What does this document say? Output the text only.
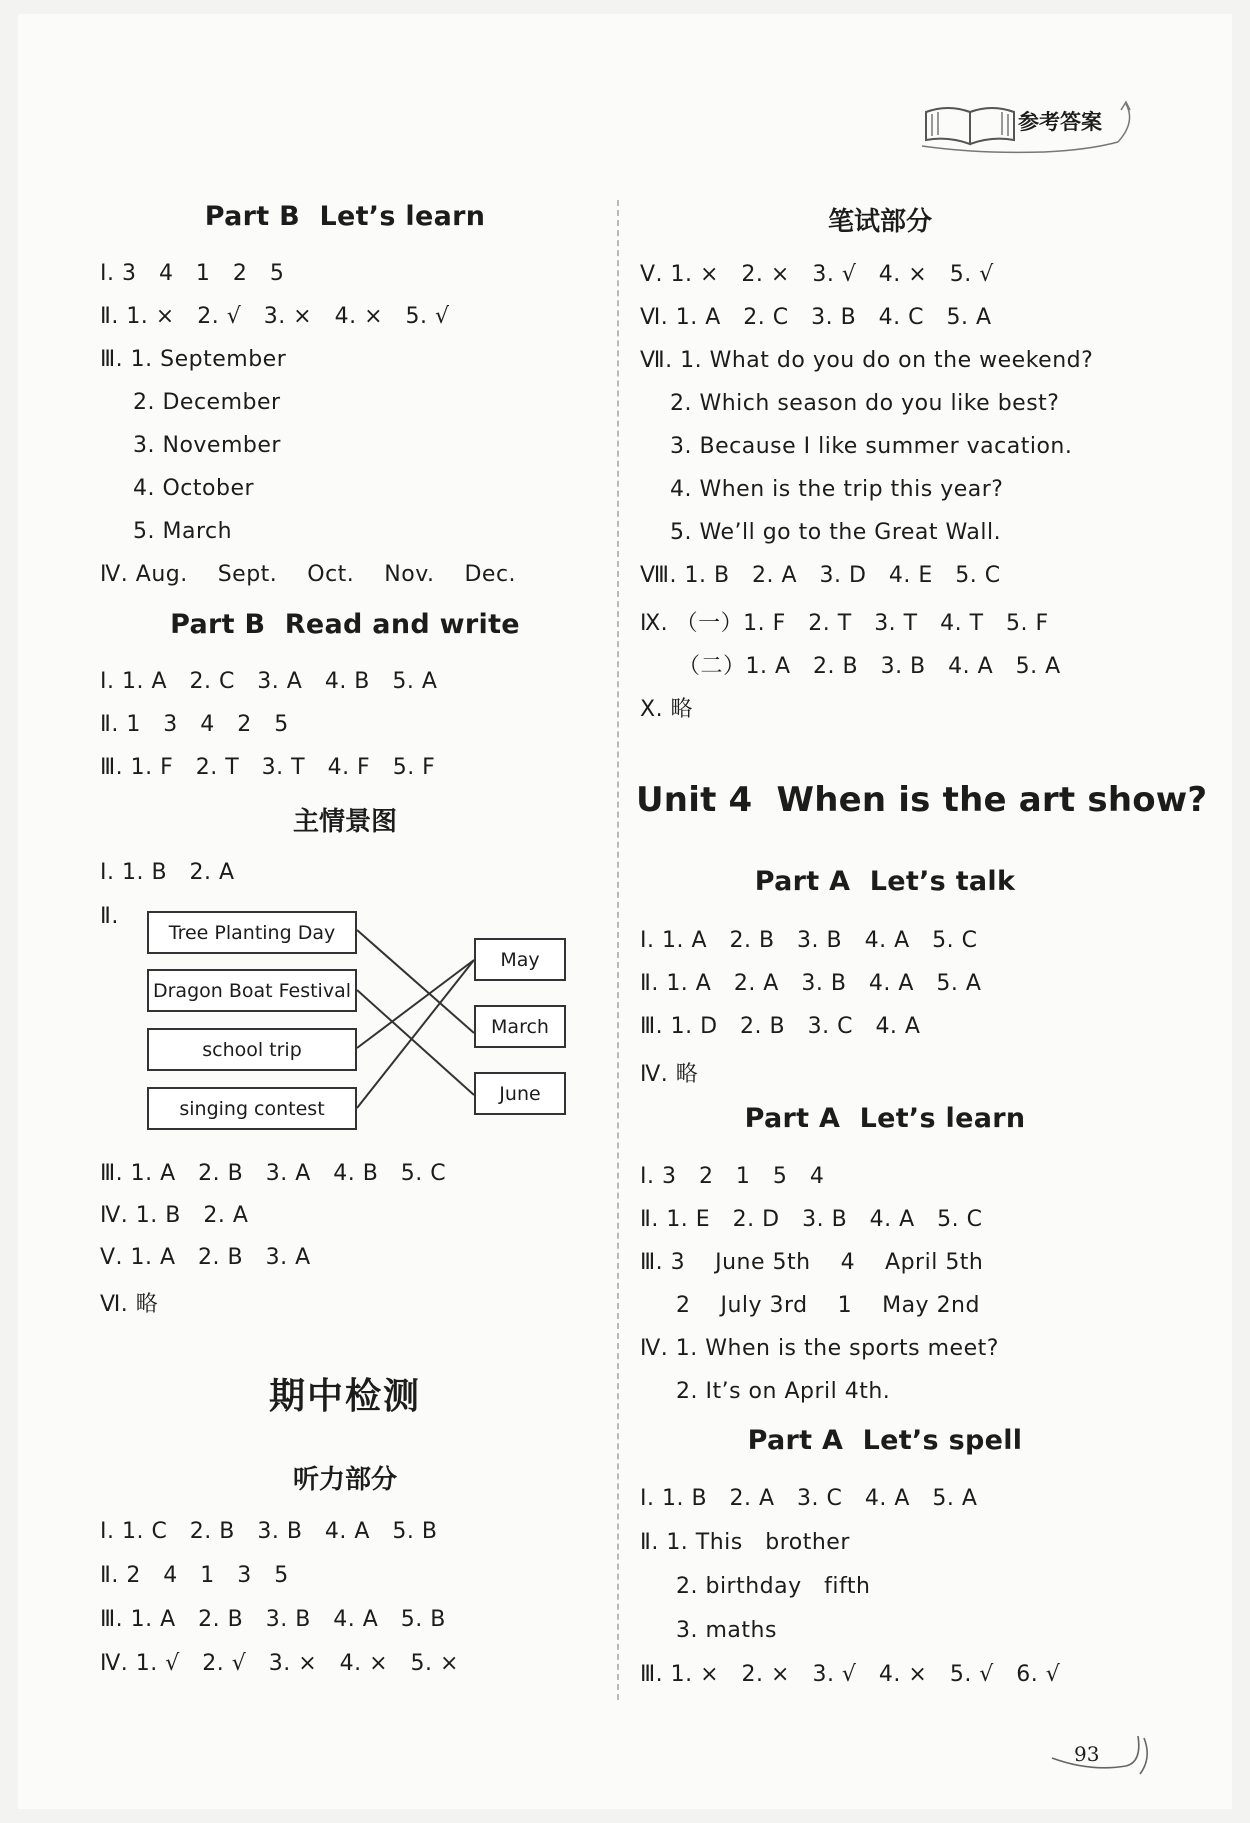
参考答案
Part B  Let’s learn
Ⅰ. 3   4   1   2   5
Ⅱ. 1. ×   2. √   3. ×   4. ×   5. √
Ⅲ. 1. September
2. December
3. November
4. October
5. March
Ⅳ. Aug.    Sept.    Oct.    Nov.    Dec.
Part B  Read and write
Ⅰ. 1. A   2. C   3. A   4. B   5. A
Ⅱ. 1   3   4   2   5
Ⅲ. 1. F   2. T   3. T   4. F   5. F
主情景图
Ⅰ. 1. B   2. A
Ⅱ.
Tree Planting Day
Dragon Boat Festival
school trip
singing contest
May
March
June
Ⅲ. 1. A   2. B   3. A   4. B   5. C
Ⅳ. 1. B   2. A
Ⅴ. 1. A   2. B   3. A
Ⅵ. 略
期中检测
听力部分
Ⅰ. 1. C   2. B   3. B   4. A   5. B
Ⅱ. 2   4   1   3   5
Ⅲ. 1. A   2. B   3. B   4. A   5. B
Ⅳ. 1. √   2. √   3. ×   4. ×   5. ×
笔试部分
Ⅴ. 1. ×   2. ×   3. √   4. ×   5. √
Ⅵ. 1. A   2. C   3. B   4. C   5. A
Ⅶ. 1. What do you do on the weekend?
2. Which season do you like best?
3. Because I like summer vacation.
4. When is the trip this year?
5. We’ll go to the Great Wall.
Ⅷ. 1. B   2. A   3. D   4. E   5. C
Ⅸ. （一）1. F   2. T   3. T   4. T   5. F
（二）1. A   2. B   3. B   4. A   5. A
Ⅹ. 略
Unit 4  When is the art show?
Part A  Let’s talk
Ⅰ. 1. A   2. B   3. B   4. A   5. C
Ⅱ. 1. A   2. A   3. B   4. A   5. A
Ⅲ. 1. D   2. B   3. C   4. A
Ⅳ. 略
Part A  Let’s learn
Ⅰ. 3   2   1   5   4
Ⅱ. 1. E   2. D   3. B   4. A   5. C
Ⅲ. 3    June 5th    4    April 5th
2    July 3rd    1    May 2nd
Ⅳ. 1. When is the sports meet?
2. It’s on April 4th.
Part A  Let’s spell
Ⅰ. 1. B   2. A   3. C   4. A   5. A
Ⅱ. 1. This   brother
2. birthday   fifth
3. maths
Ⅲ. 1. ×   2. ×   3. √   4. ×   5. √   6. √
93
